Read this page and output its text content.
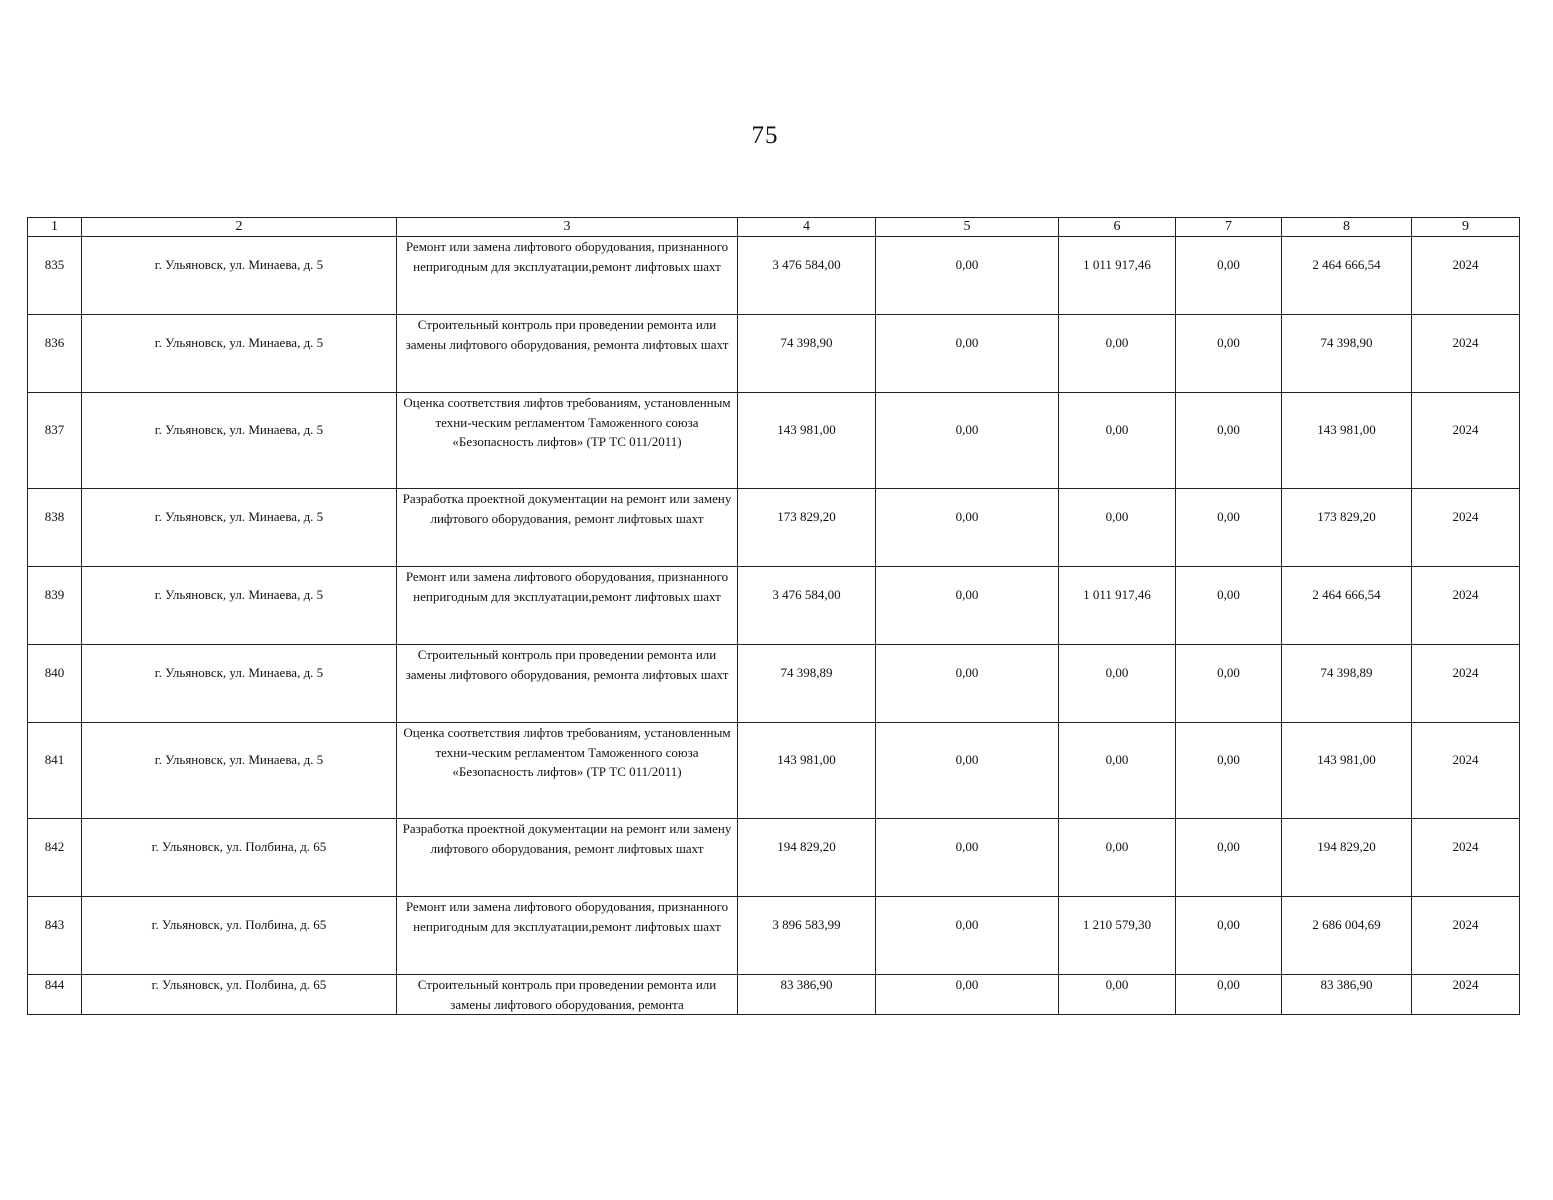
75
1	2	3	4	5	6	7	8	9
835	г. Ульяновск, ул. Минаева, д. 5	Ремонт или замена лифтового оборудования, признанного непригодным для эксплуатации,ремонт лифтовых шахт	3 476 584,00	0,00	1 011 917,46	0,00	2 464 666,54	2024
836	г. Ульяновск, ул. Минаева, д. 5	Строительный контроль при проведении ремонта или замены лифтового оборудования, ремонта лифтовых шахт	74 398,90	0,00	0,00	0,00	74 398,90	2024
837	г. Ульяновск, ул. Минаева, д. 5	Оценка соответствия лифтов требованиям, установленным техни-ческим регламентом Таможенного союза «Безопасность лифтов» (ТР ТС 011/2011)	143 981,00	0,00	0,00	0,00	143 981,00	2024
838	г. Ульяновск, ул. Минаева, д. 5	Разработка проектной документации на ремонт или замену лифтового оборудования, ремонт лифтовых шахт	173 829,20	0,00	0,00	0,00	173 829,20	2024
839	г. Ульяновск, ул. Минаева, д. 5	Ремонт или замена лифтового оборудования, признанного непригодным для эксплуатации,ремонт лифтовых шахт	3 476 584,00	0,00	1 011 917,46	0,00	2 464 666,54	2024
840	г. Ульяновск, ул. Минаева, д. 5	Строительный контроль при проведении ремонта или замены лифтового оборудования, ремонта лифтовых шахт	74 398,89	0,00	0,00	0,00	74 398,89	2024
841	г. Ульяновск, ул. Минаева, д. 5	Оценка соответствия лифтов требованиям, установленным техни-ческим регламентом Таможенного союза «Безопасность лифтов» (ТР ТС 011/2011)	143 981,00	0,00	0,00	0,00	143 981,00	2024
842	г. Ульяновск, ул. Полбина, д. 65	Разработка проектной документации на ремонт или замену лифтового оборудования, ремонт лифтовых шахт	194 829,20	0,00	0,00	0,00	194 829,20	2024
843	г. Ульяновск, ул. Полбина, д. 65	Ремонт или замена лифтового оборудования, признанного непригодным для эксплуатации,ремонт лифтовых шахт	3 896 583,99	0,00	1 210 579,30	0,00	2 686 004,69	2024
844	г. Ульяновск, ул. Полбина, д. 65	Строительный контроль при проведении ремонта или замены лифтового оборудования, ремонта	83 386,90	0,00	0,00	0,00	83 386,90	2024
